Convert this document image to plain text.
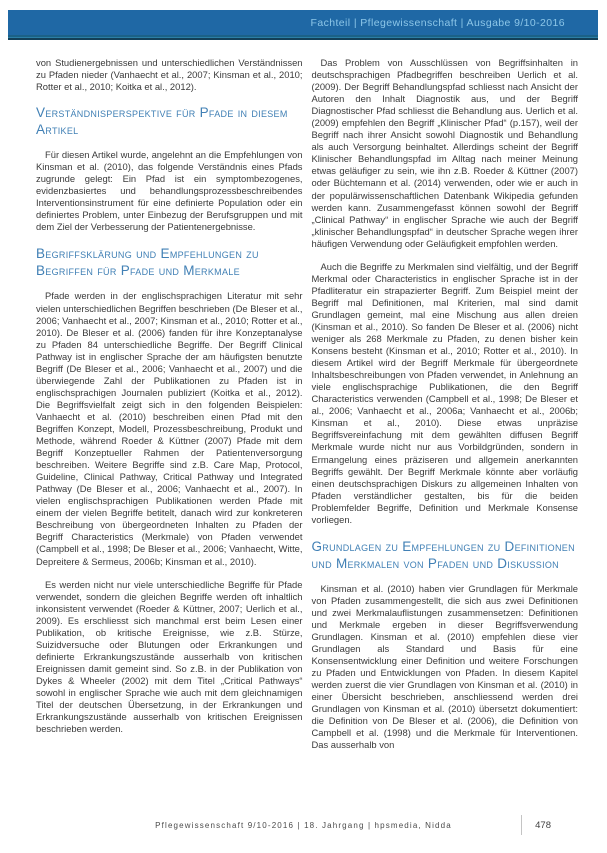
Fachteil | Pflegewissenschaft | Ausgabe 9/10-2016

von Studienergebnissen und unterschiedlichen Verständnissen zu Pfaden nieder (Vanhaecht et al., 2007; Kinsman et al., 2010; Rotter et al., 2010; Koitka et al., 2012).

Verständnisperspektive für Pfade in diesem Artikel

Für diesen Artikel wurde, angelehnt an die Empfehlungen von Kinsman et al. (2010), das folgende Verständnis eines Pfads zugrunde gelegt: Ein Pfad ist ein symptombezogenes, evidenzbasiertes und behandlungsprozessbeschreibendes Interventionsinstrument für eine definierte Population oder ein definiertes Problem, unter Einbezug der Berufsgruppen und mit dem Ziel der Verbesserung der Patientenergebnisse.

Begriffsklärung und Empfehlungen zu Begriffen für Pfade und Merkmale

Pfade werden in der englischsprachigen Literatur mit sehr vielen unterschiedlichen Begriffen beschrieben (De Bleser et al., 2006; Vanhaecht et al., 2007; Kinsman et al., 2010; Rotter et al., 2010). De Bleser et al. (2006) fanden für ihre Konzeptanalyse zu Pfaden 84 unterschiedliche Begriffe. Der Begriff Clinical Pathway ist in englischer Sprache der am häufigsten benutzte Begriff (De Bleser et al., 2006; Vanhaecht et al., 2007) und die überwiegende Zahl der Publikationen zu Pfaden ist in englischsprachigen Journalen publiziert (Koitka et al., 2012). Die Begriffsvielfalt zeigt sich in den folgenden Beispielen: Vanhaecht et al. (2010) beschreiben einen Pfad mit den Begriffen Konzept, Modell, Prozessbeschreibung, Produkt und Methode, während Roeder & Küttner (2007) Pfade mit dem Begriff Konzeptueller Rahmen der Patientenversorgung beschreiben. Weitere Begriffe sind z.B. Care Map, Protocol, Guideline, Clinical Pathway, Critical Pathway und Integrated Pathway (De Bleser et al., 2006; Vanhaecht et al., 2007). In vielen englischsprachigen Publikationen werden Pfade mit einem der vielen Begriffe betitelt, danach wird zur konkreteren Beschreibung von übergeordneten Inhalten zu Pfaden der Begriff Characteristics (Merkmale) von Pfaden verwendet (Campbell et al., 1998; De Bleser et al., 2006; Vanhaecht, Witte, Depreitere & Sermeus, 2006b; Kinsman et al., 2010).

Es werden nicht nur viele unterschiedliche Begriffe für Pfade verwendet, sondern die gleichen Begriffe werden oft inhaltlich inkonsistent verwendet (Roeder & Küttner, 2007; Uerlich et al., 2009). Es erschliesst sich manchmal erst beim Lesen einer Publikation, ob kritische Ereignisse, wie z.B. Stürze, Suizidversuche oder Blutungen oder Erkrankungen und definierte Erkrankungszustände ausserhalb von kritischen Ereignissen damit gemeint sind. So z.B. in der Publikation von Dykes & Wheeler (2002) mit dem Titel „Critical Pathways“ sowohl in englischer Sprache wie auch mit dem gleichnamigen Titel der deutschen Übersetzung, in der Erkrankungen und Erkrankungszustände ausserhalb von kritischen Ereignissen beschrieben werden.

Das Problem von Ausschlüssen von Begriffsinhalten in deutschsprachigen Pfadbegriffen beschreiben Uerlich et al. (2009). Der Begriff Behandlungspfad schliesst nach Ansicht der Autoren den Inhalt Diagnostik aus, und der Begriff Diagnostischer Pfad schliesst die Behandlung aus. Uerlich et al. (2009) empfehlen den Begriff „Klinischer Pfad“ (p.157), weil der Begriff nach ihrer Ansicht sowohl Diagnostik und Behandlung als auch Versorgung beinhaltet. Allerdings scheint der Begriff Klinischer Behandlungspfad im Alltag nach meiner Meinung etwas geläufiger zu sein, wie ihn z.B. Roeder & Küttner (2007) oder Büchtemann et al. (2014) verwenden, oder wie er auch in der populärwissenschaftlichen Datenbank Wikipedia gefunden werden kann. Zusammengefasst können sowohl der Begriff „Clinical Pathway“ in englischer Sprache wie auch der Begriff „klinischer Behandlungspfad“ in deutscher Sprache wegen ihrer häufigen Verwendung oder Geläufigkeit empfohlen werden.

Auch die Begriffe zu Merkmalen sind vielfältig, und der Begriff Merkmal oder Characteristics in englischer Sprache ist in der Pfadliteratur ein strapazierter Begriff. Zum Beispiel meint der Begriff mal Definitionen, mal Kriterien, mal sind damit Grundlagen gemeint, mal eine Mischung aus allen dreien (Kinsman et al., 2010). So fanden De Bleser et al. (2006) nicht weniger als 268 Merkmale zu Pfaden, zu denen bisher kein Konsens besteht (Kinsman et al., 2010; Rotter et al., 2010). In diesem Artikel wird der Begriff Merkmale für übergeordnete Inhaltsbeschreibungen von Pfaden verwendet, in Anlehnung an viele englischsprachige Publikationen, die den Begriff Characteristics verwenden (Campbell et al., 1998; De Bleser et al., 2006; Vanhaecht et al., 2006a; Vanhaecht et al., 2006b; Kinsman et al., 2010). Diese etwas unpräzise Begriffsvereinfachung mit dem gewählten diffusen Begriff Merkmale wurde nicht nur aus Vorbildgründen, sondern in Ermangelung eines präziseren und allgemein anerkannten Begriffs gewählt. Der Begriff Merkmale könnte aber vorläufig einen deutschsprachigen Diskurs zu allgemeinen Inhalten von Pfaden verständlicher gestalten, bis für die beiden Problemfelder Begriffe, Definition und Merkmale Konsense vorliegen.

Grundlagen zu Empfehlungen zu Definitionen und Merkmalen von Pfaden und Diskussion

Kinsman et al. (2010) haben vier Grundlagen für Merkmale von Pfaden zusammengestellt, die sich aus zwei Definitionen und zwei Merkmalauflistungen zusammensetzen: Definitionen und Merkmale ergeben in dieser Begriffsverwendung Grundlagen. Kinsman et al. (2010) empfehlen diese vier Grundlagen als Standard und Basis für eine Konsensentwicklung einer Definition und weitere Forschungen zu Pfaden und Entwicklungen von Pfaden. In diesem Kapitel werden zuerst die vier Grundlagen von Kinsman et al. (2010) in einer Übersicht beschrieben, anschliessend werden drei Grundlagen von Kinsman et al. (2010) übersetzt dokumentiert: die Definition von De Bleser et al. (2006), die Definition von Campbell et al. (1998) und die Merkmale für Interventionen. Das ausserhalb von

Pflegewissenschaft 9/10-2016 | 18. Jahrgang | hpsmedia, Nidda	478
